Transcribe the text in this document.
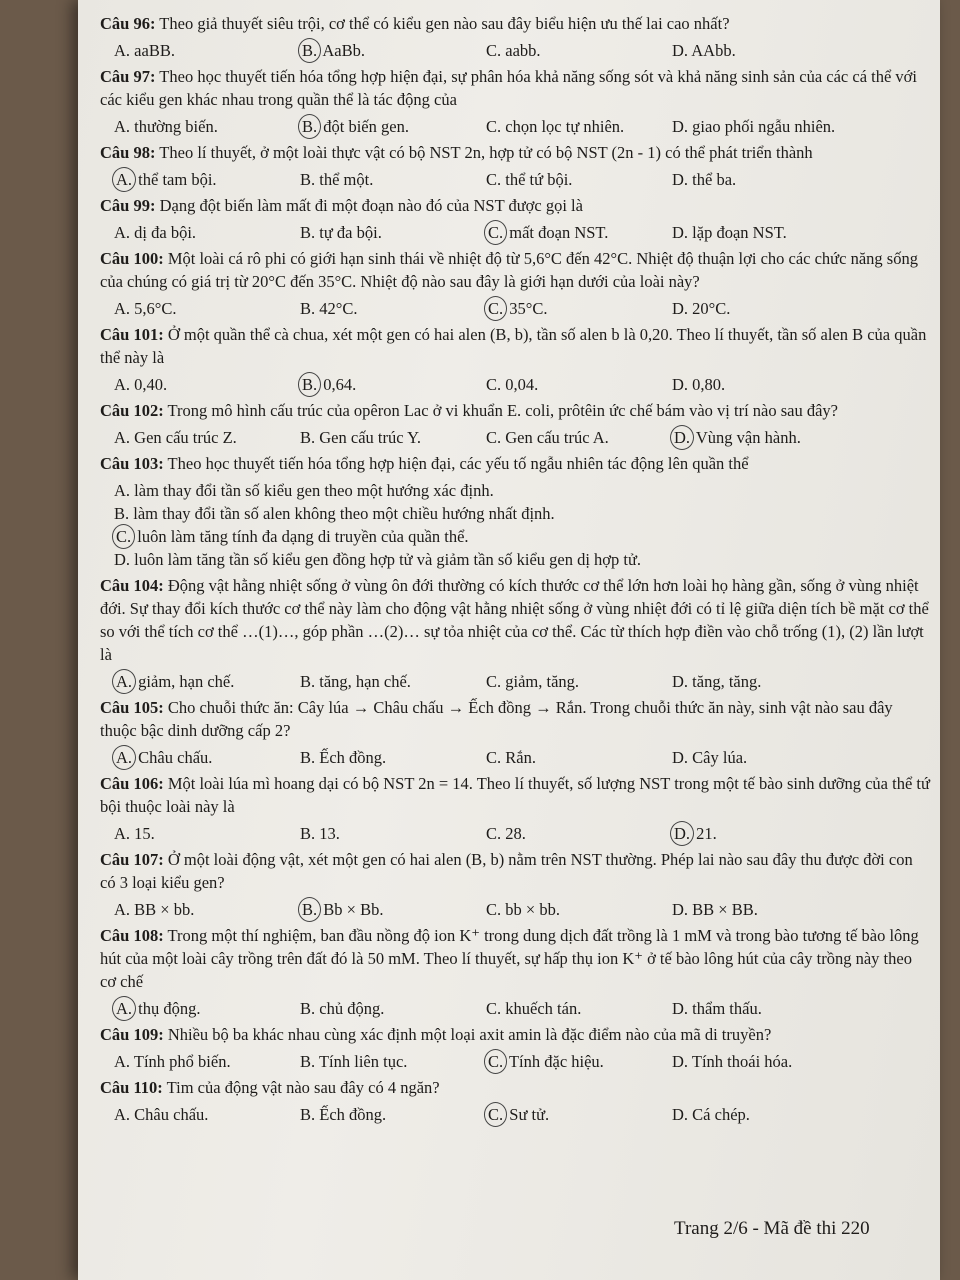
Câu 96: Theo giả thuyết siêu trội, cơ thể có kiểu gen nào sau đây biểu hiện ưu thế lai cao nhất?
A. aaBB.	B. AaBb.	C. aabb.	D. AAbb.
Câu 97: Theo học thuyết tiến hóa tổng hợp hiện đại, sự phân hóa khả năng sống sót và khả năng sinh sản của các cá thể với các kiểu gen khác nhau trong quần thể là tác động của
A. thường biến.	B. đột biến gen.	C. chọn lọc tự nhiên.	D. giao phối ngẫu nhiên.
Câu 98: Theo lí thuyết, ở một loài thực vật có bộ NST 2n, hợp tử có bộ NST (2n - 1) có thể phát triển thành
A. thể tam bội.	B. thể một.	C. thể tứ bội.	D. thể ba.
Câu 99: Dạng đột biến làm mất đi một đoạn nào đó của NST được gọi là
A. dị đa bội.	B. tự đa bội.	C. mất đoạn NST.	D. lặp đoạn NST.
Câu 100: Một loài cá rô phi có giới hạn sinh thái về nhiệt độ từ 5,6°C đến 42°C. Nhiệt độ thuận lợi cho các chức năng sống của chúng có giá trị từ 20°C đến 35°C. Nhiệt độ nào sau đây là giới hạn dưới của loài này?
A. 5,6°C.	B. 42°C.	C. 35°C.	D. 20°C.
Câu 101: Ở một quần thể cà chua, xét một gen có hai alen (B, b), tần số alen b là 0,20. Theo lí thuyết, tần số alen B của quần thể này là
A. 0,40.	B. 0,64.	C. 0,04.	D. 0,80.
Câu 102: Trong mô hình cấu trúc của opêron Lac ở vi khuẩn E. coli, prôtêin ức chế bám vào vị trí nào sau đây?
A. Gen cấu trúc Z.	B. Gen cấu trúc Y.	C. Gen cấu trúc A.	D. Vùng vận hành.
Câu 103: Theo học thuyết tiến hóa tổng hợp hiện đại, các yếu tố ngẫu nhiên tác động lên quần thể
A. làm thay đổi tần số kiểu gen theo một hướng xác định.
B. làm thay đổi tần số alen không theo một chiều hướng nhất định.
C. luôn làm tăng tính đa dạng di truyền của quần thể.
D. luôn làm tăng tần số kiểu gen đồng hợp tử và giảm tần số kiểu gen dị hợp tử.
Câu 104: Động vật hằng nhiệt sống ở vùng ôn đới thường có kích thước cơ thể lớn hơn loài họ hàng gần, sống ở vùng nhiệt đới. Sự thay đổi kích thước cơ thể này làm cho động vật hằng nhiệt sống ở vùng nhiệt đới có tỉ lệ giữa diện tích bề mặt cơ thể so với thể tích cơ thể …(1)…, góp phần …(2)… sự tỏa nhiệt của cơ thể. Các từ thích hợp điền vào chỗ trống (1), (2) lần lượt là
A. giảm, hạn chế.	B. tăng, hạn chế.	C. giảm, tăng.	D. tăng, tăng.
Câu 105: Cho chuỗi thức ăn: Cây lúa → Châu chấu → Ếch đồng → Rắn. Trong chuỗi thức ăn này, sinh vật nào sau đây thuộc bậc dinh dưỡng cấp 2?
A. Châu chấu.	B. Ếch đồng.	C. Rắn.	D. Cây lúa.
Câu 106: Một loài lúa mì hoang dại có bộ NST 2n = 14. Theo lí thuyết, số lượng NST trong một tế bào sinh dưỡng của thể tứ bội thuộc loài này là
A. 15.	B. 13.	C. 28.	D. 21.
Câu 107: Ở một loài động vật, xét một gen có hai alen (B, b) nằm trên NST thường. Phép lai nào sau đây thu được đời con có 3 loại kiểu gen?
A. BB × bb.	B. Bb × Bb.	C. bb × bb.	D. BB × BB.
Câu 108: Trong một thí nghiệm, ban đầu nồng độ ion K⁺ trong dung dịch đất trồng là 1 mM và trong bào tương tế bào lông hút của một loài cây trồng trên đất đó là 50 mM. Theo lí thuyết, sự hấp thụ ion K⁺ ở tế bào lông hút của cây trồng này theo cơ chế
A. thụ động.	B. chủ động.	C. khuếch tán.	D. thẩm thấu.
Câu 109: Nhiều bộ ba khác nhau cùng xác định một loại axit amin là đặc điểm nào của mã di truyền?
A. Tính phổ biến.	B. Tính liên tục.	C. Tính đặc hiệu.	D. Tính thoái hóa.
Câu 110: Tim của động vật nào sau đây có 4 ngăn?
A. Châu chấu.	B. Ếch đồng.	C. Sư tử.	D. Cá chép.
Trang 2/6 - Mã đề thi 220
